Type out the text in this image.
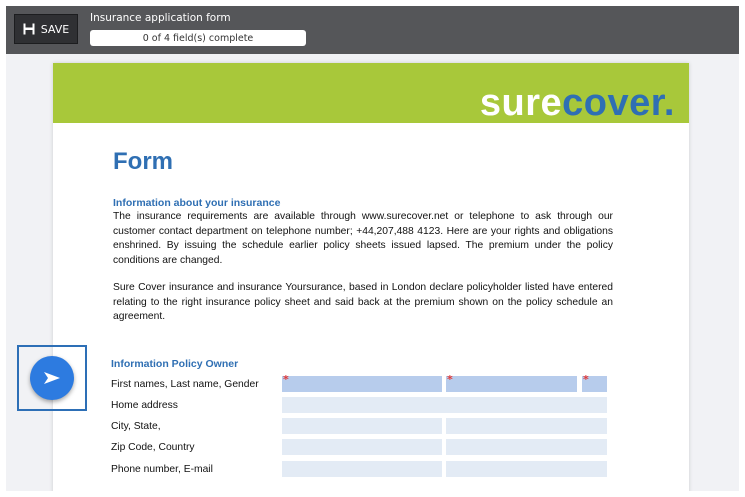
SAVE
Insurance application form
0 of 4 field(s) complete
surecover.
Form
Information about your insurance
The insurance requirements are available through www.surecover.net or telephone to ask through our customer contact department on telephone number; +44,207,488 4123. Here are your rights and obligations enshrined. By issuing the schedule earlier policy sheets issued lapsed. The premium under the policy conditions are changed.
Sure Cover insurance and insurance Yoursurance, based in London declare policyholder listed have entered relating to the right insurance policy sheet and said back at the premium shown on the policy schedule an agreement.
Information Policy Owner
First names, Last name, Gender *	*	*
Home address
City, State,
Zip Code, Country
Phone number, E-mail
